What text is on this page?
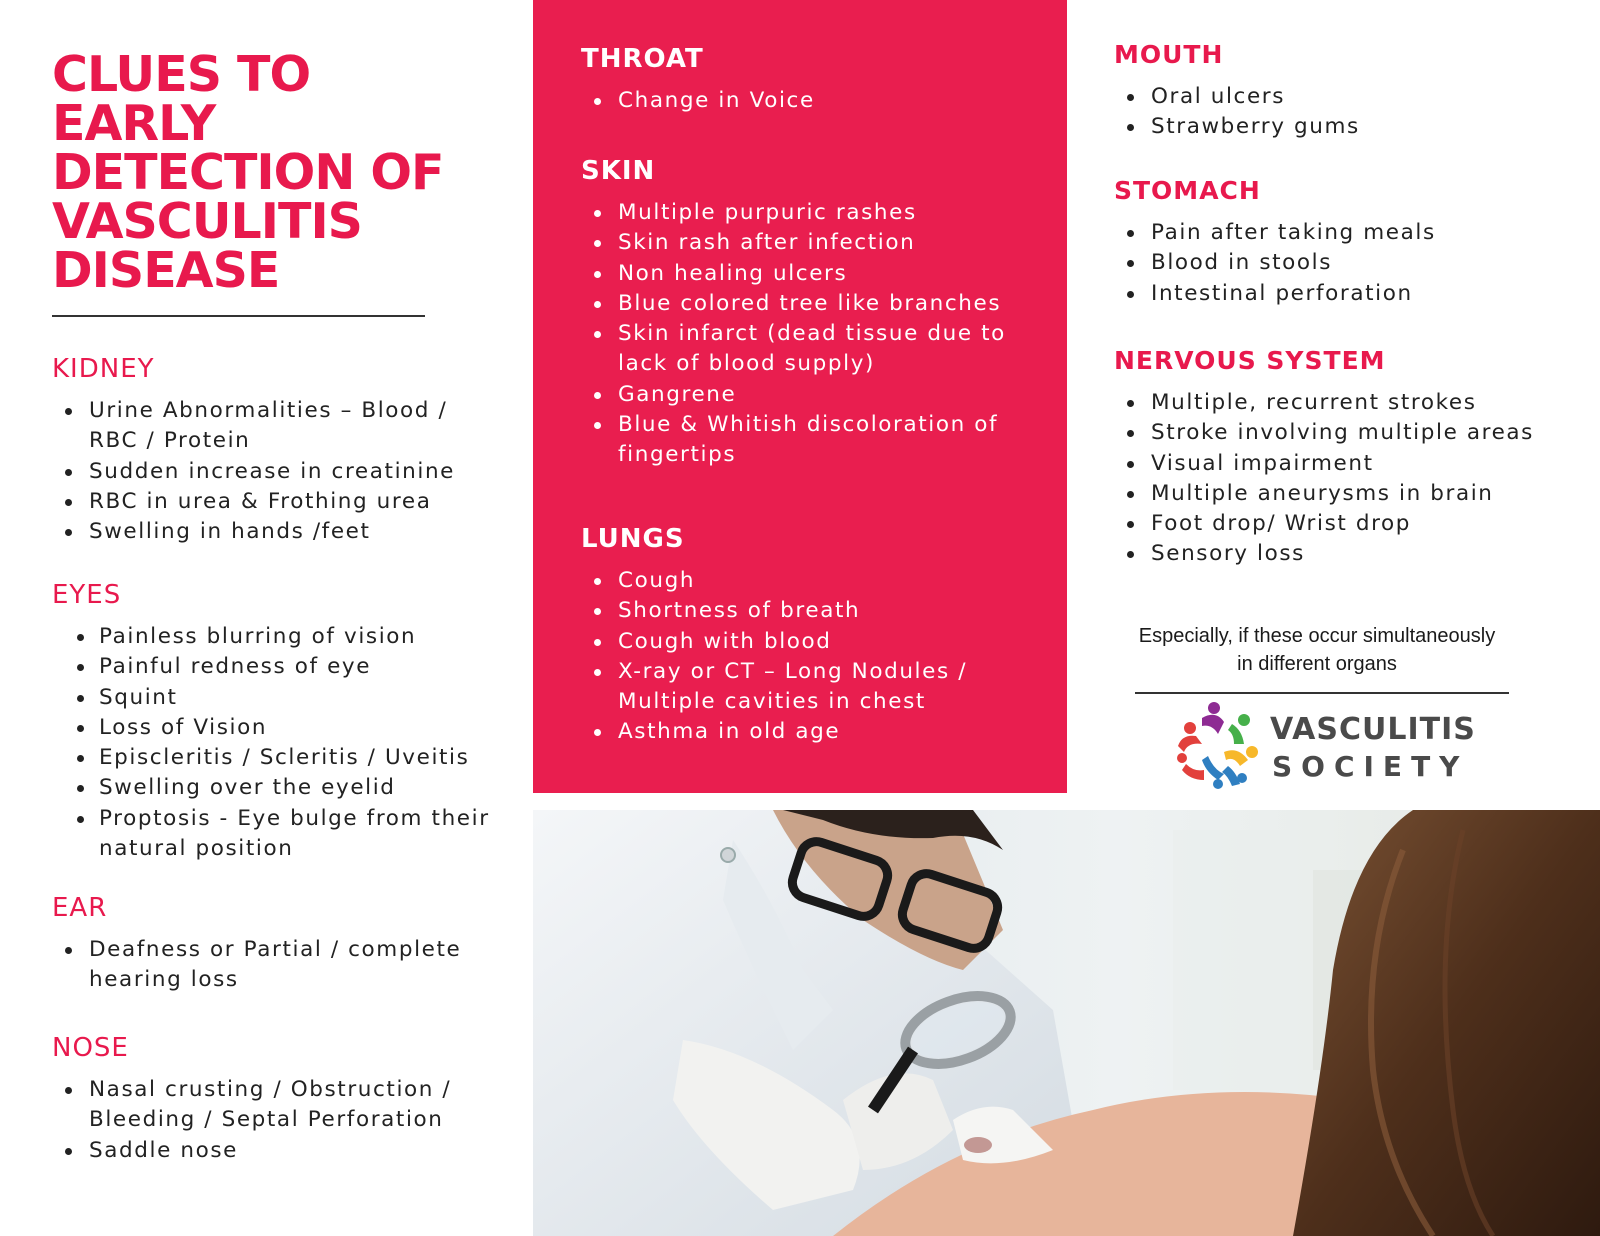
CLUES TO EARLY DETECTION OF VASCULITIS DISEASE
KIDNEY
Urine Abnormalities – Blood / RBC / Protein
Sudden increase in creatinine
RBC in urea & Frothing urea
Swelling in hands /feet
EYES
Painless blurring of vision
Painful redness of eye
Squint
Loss of Vision
Episcleritis / Scleritis / Uveitis
Swelling over the eyelid
Proptosis - Eye bulge from their natural position
EAR
Deafness or Partial / complete hearing loss
NOSE
Nasal crusting / Obstruction / Bleeding / Septal Perforation
Saddle nose
THROAT
Change in Voice
SKIN
Multiple purpuric rashes
Skin rash after infection
Non healing ulcers
Blue colored tree like branches
Skin infarct (dead tissue due to lack of blood supply)
Gangrene
Blue & Whitish discoloration of fingertips
LUNGS
Cough
Shortness of breath
Cough with blood
X-ray or CT – Long Nodules / Multiple cavities in chest
Asthma in old age
MOUTH
Oral ulcers
Strawberry gums
STOMACH
Pain after taking meals
Blood in stools
Intestinal perforation
NERVOUS SYSTEM
Multiple, recurrent strokes
Stroke involving multiple areas
Visual impairment
Multiple aneurysms in brain
Foot drop/ Wrist drop
Sensory loss
Especially, if these occur simultaneously in different organs
VASCULITIS
SOCIETY
